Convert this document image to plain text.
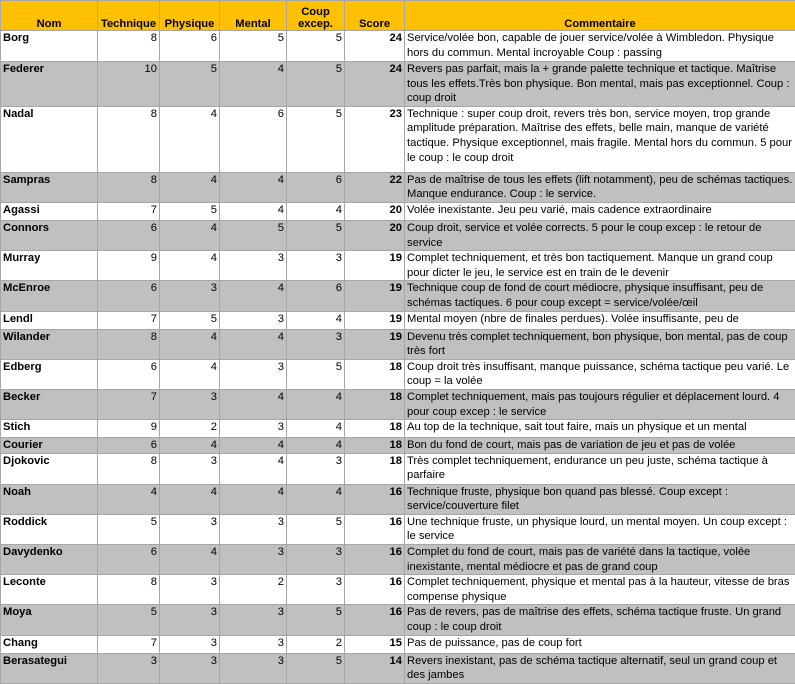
Nom	Technique	Physique	Mental	Coup excep.	Score	Commentaire
Borg	8	6	5	5	24	Service/volée bon, capable de jouer service/volée à Wimbledon. Physique hors du commun. Mental incroyable Coup : passing
Federer	10	5	4	5	24	Revers pas parfait, mais la + grande palette technique et tactique. Maîtrise tous les effets.Très bon physique. Bon mental, mais pas exceptionnel. Coup : coup droit
Nadal	8	4	6	5	23	Technique : super coup droit, revers très bon, service moyen, trop grande amplitude préparation. Maîtrise des effets, belle main, manque de variété tactique. Physique exceptionnel, mais fragile. Mental hors du commun. 5 pour le coup : le coup droit
Sampras	8	4	4	6	22	Pas de maîtrise de tous les effets (lift notamment), peu de schémas tactiques. Manque endurance. Coup : le service.
Agassi	7	5	4	4	20	Volée inexistante. Jeu peu varié, mais cadence extraordinaire
Connors	6	4	5	5	20	Coup droit, service et volée corrects. 5 pour le coup excep : le retour de service
Murray	9	4	3	3	19	Complet techniquement, et très bon tactiquement. Manque un grand coup pour dicter le jeu, le service est en train de le devenir
McEnroe	6	3	4	6	19	Technique coup de fond de court médiocre, physique insuffisant, peu de schémas tactiques. 6 pour coup except = service/volée/œil
Lendl	7	5	3	4	19	Mental moyen (nbre de finales perdues). Volée insuffisante, peu de
Wilander	8	4	4	3	19	Devenu très complet techniquement, bon physique, bon mental, pas de coup très fort
Edberg	6	4	3	5	18	Coup droit très insuffisant, manque puissance, schéma tactique peu varié. Le coup = la volée
Becker	7	3	4	4	18	Complet techniquement, mais pas toujours régulier et déplacement lourd. 4 pour coup excep : le service
Stich	9	2	3	4	18	Au top de la technique, sait tout faire, mais un physique et un mental
Courier	6	4	4	4	18	Bon du fond de court, mais pas de variation de jeu et pas de volée
Djokovic	8	3	4	3	18	Très complet techniquement, endurance un peu juste, schéma tactique à parfaire
Noah	4	4	4	4	16	Technique fruste, physique bon quand pas blessé. Coup except : service/couverture filet
Roddick	5	3	3	5	16	Une technique fruste, un physique lourd, un mental moyen. Un coup except : le service
Davydenko	6	4	3	3	16	Complet du fond de court, mais pas de variété dans la tactique, volée inexistante, mental médiocre et pas de grand coup
Leconte	8	3	2	3	16	Complet techniquement, physique et mental pas à la hauteur, vitesse de bras compense physique
Moya	5	3	3	5	16	Pas de revers, pas de maîtrise des effets, schéma tactique fruste. Un grand coup : le coup droit
Chang	7	3	3	2	15	Pas de puissance, pas de coup fort
Berasategui	3	3	3	5	14	Revers inexistant, pas de schéma tactique alternatif, seul un grand coup et des jambes
